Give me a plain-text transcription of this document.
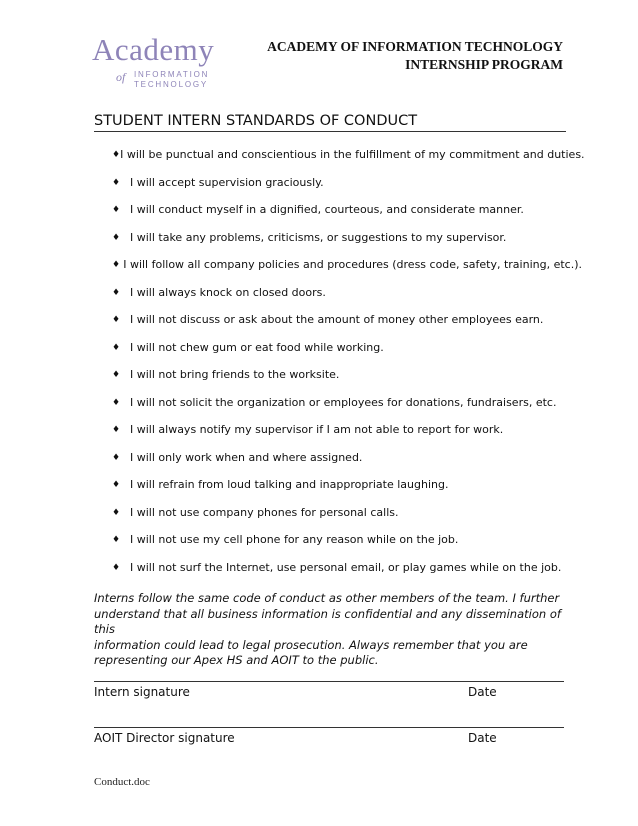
Academy
of INFORMATION
TECHNOLOGY
ACADEMY OF INFORMATION TECHNOLOGY
INTERNSHIP PROGRAM
STUDENT INTERN STANDARDS OF CONDUCT
♦ I will be punctual and conscientious in the fulfillment of my commitment and duties.
♦ I will accept supervision graciously.
♦ I will conduct myself in a dignified, courteous, and considerate manner.
♦ I will take any problems, criticisms, or suggestions to my supervisor.
♦ I will follow all company policies and procedures (dress code, safety, training, etc.).
♦ I will always knock on closed doors.
♦ I will not discuss or ask about the amount of money other employees earn.
♦ I will not chew gum or eat food while working.
♦ I will not bring friends to the worksite.
♦ I will not solicit the organization or employees for donations, fundraisers, etc.
♦ I will always notify my supervisor if I am not able to report for work.
♦ I will only work when and where assigned.
♦ I will refrain from loud talking and inappropriate laughing.
♦ I will not use company phones for personal calls.
♦ I will not use my cell phone for any reason while on the job.
♦ I will not surf the Internet, use personal email, or play games while on the job.
Interns follow the same code of conduct as other members of the team. I further
understand that all business information is confidential and any dissemination of this
information could lead to legal prosecution. Always remember that you are
representing our Apex HS and AOIT to the public.
Intern signature	Date
AOIT Director signature	Date
Conduct.doc
